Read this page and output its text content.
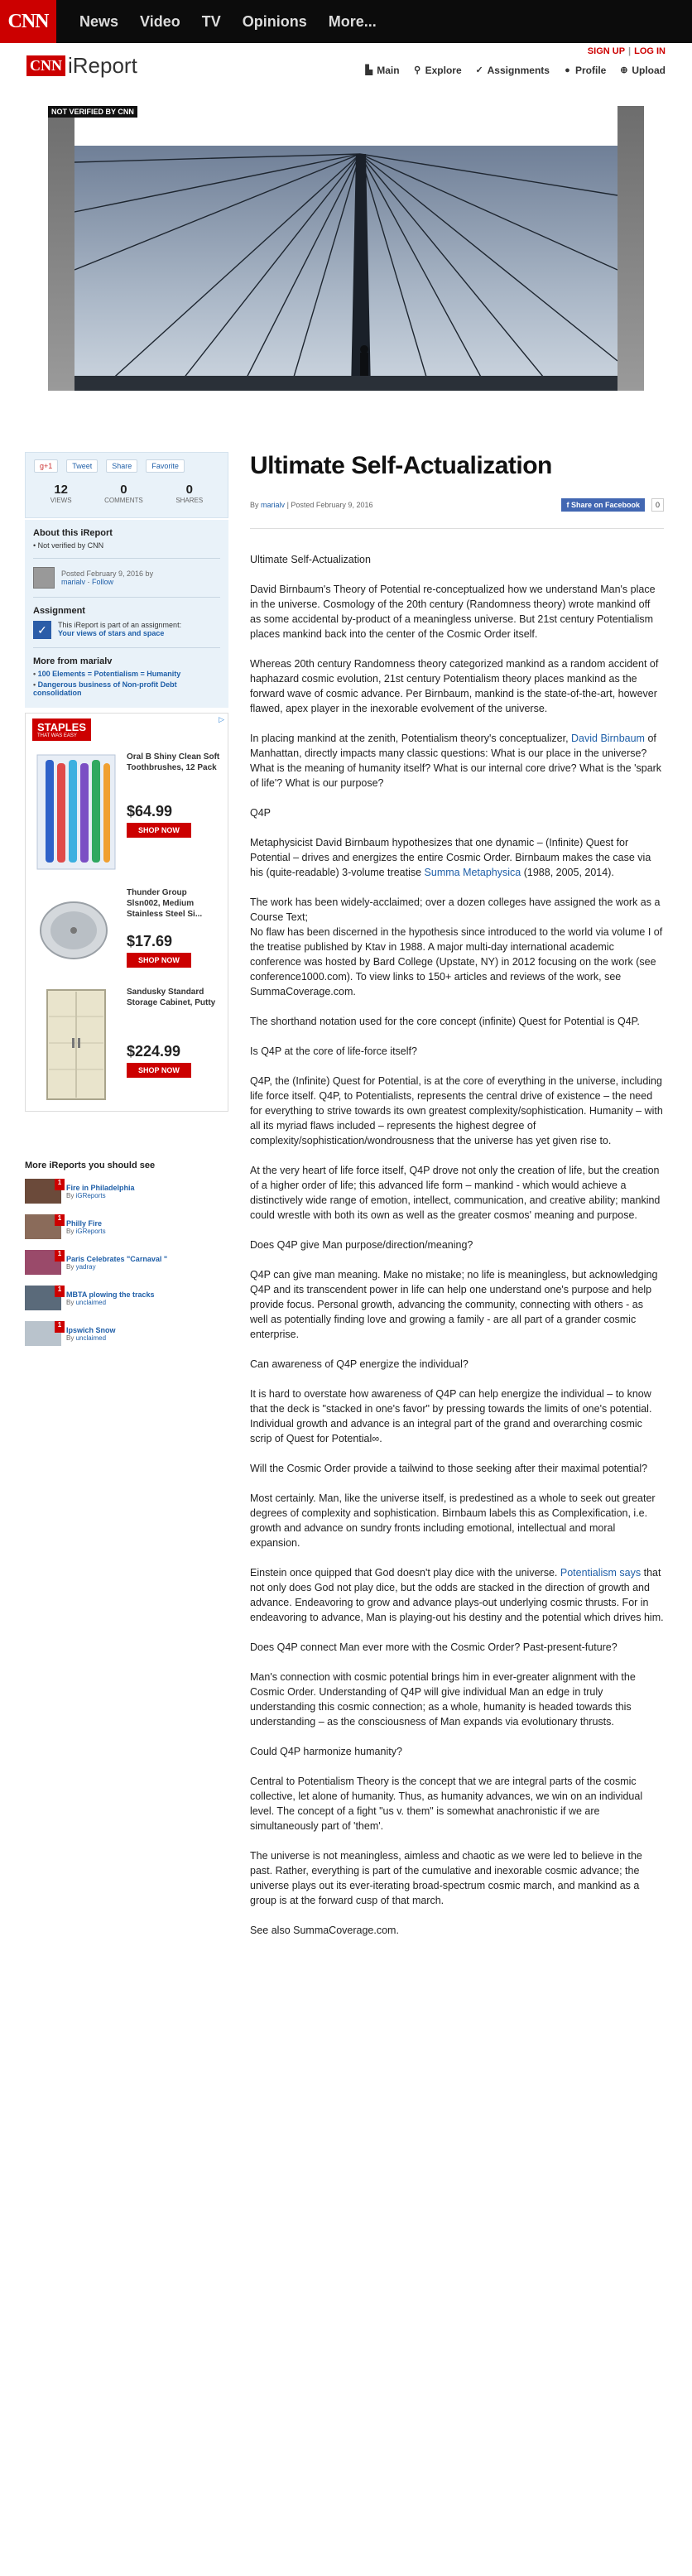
CNN	News Video TV Opinions More...
CNN iReport
SIGN UP | LOG IN
▙ Main ⚲ Explore ✓ Assignments ● Profile ⊕ Upload
NOT VERIFIED BY CNN
g+1	Tweet	Share	Favorite
12
VIEWS
0
COMMENTS
0
SHARES
About this iReport
• Not verified by CNN
Posted February 9, 2016 by
marialv · Follow
Assignment
✓	This iReport is part of an assignment:
Your views of stars and space
More from marialv
• 100 Elements = Potentialism = Humanity
• Dangerous business of Non-profit Debt consolidation
▷
STAPLES
THAT WAS EASY
Oral B Shiny Clean Soft Toothbrushes, 12 Pack
$64.99
SHOP NOW
Thunder Group Slsn002, Medium Stainless Steel Si...
$17.69
SHOP NOW
Sandusky Standard Storage Cabinet, Putty
$224.99
SHOP NOW
More iReports you should see
1
Fire in Philadelphia
By iGReports
1
Philly Fire
By iGReports
1
Paris Celebrates "Carnaval "
By yadray
1
MBTA plowing the tracks
By unclaimed
1
Ipswich Snow
By unclaimed
Ultimate Self-Actualization
By marialv | Posted February 9, 2016	f Share on Facebook	0

Ultimate Self-Actualization

David Birnbaum's Theory of Potential re-conceptualized how we understand Man's place in the universe. Cosmology of the 20th century (Randomness theory) wrote mankind off as some accidental by-product of a meaningless universe. But 21st century Potentialism places mankind back into the center of the Cosmic Order itself.

Whereas 20th century Randomness theory categorized mankind as a random accident of haphazard cosmic evolution, 21st century Potentialism theory places mankind as the forward wave of cosmic advance. Per Birnbaum, mankind is the state-of-the-art, however flawed, apex player in the inexorable evolvement of the universe.

In placing mankind at the zenith, Potentialism theory's conceptualizer, David Birnbaum of Manhattan, directly impacts many classic questions: What is our place in the universe? What is the meaning of humanity itself? What is our internal core drive? What is the 'spark of life'? What is our purpose?

Q4P

Metaphysicist David Birnbaum hypothesizes that one dynamic – (Infinite) Quest for Potential – drives and energizes the entire Cosmic Order. Birnbaum makes the case via his (quite-readable) 3-volume treatise Summa Metaphysica (1988, 2005, 2014).

The work has been widely-acclaimed; over a dozen colleges have assigned the work as a Course Text;
No flaw has been discerned in the hypothesis since introduced to the world via volume I of the treatise published by Ktav in 1988. A major multi-day international academic conference was hosted by Bard College (Upstate, NY) in 2012 focusing on the work (see conference1000.com). To view links to 150+ articles and reviews of the work, see SummaCoverage.com.

The shorthand notation used for the core concept (infinite) Quest for Potential is Q4P.

Is Q4P at the core of life-force itself?

Q4P, the (Infinite) Quest for Potential, is at the core of everything in the universe, including life force itself. Q4P, to Potentialists, represents the central drive of existence – the need for everything to strive towards its own greatest complexity/sophistication. Humanity – with all its myriad flaws included – represents the highest degree of complexity/sophistication/wondrousness that the universe has yet given rise to.

At the very heart of life force itself, Q4P drove not only the creation of life, but the creation of a higher order of life; this advanced life form – mankind - which would achieve a distinctively wide range of emotion, intellect, communication, and creative ability; mankind could wrestle with both its own as well as the greater cosmos' meaning and purpose.

Does Q4P give Man purpose/direction/meaning?

Q4P can give man meaning. Make no mistake; no life is meaningless, but acknowledging Q4P and its transcendent power in life can help one understand one's purpose and help provide focus. Personal growth, advancing the community, connecting with others - as well as potentially finding love and growing a family - are all part of a grander cosmic enterprise.

Can awareness of Q4P energize the individual?

It is hard to overstate how awareness of Q4P can help energize the individual – to know that the deck is "stacked in one's favor" by pressing towards the limits of one's potential. Individual growth and advance is an integral part of the grand and overarching cosmic scrip of Quest for Potential∞.

Will the Cosmic Order provide a tailwind to those seeking after their maximal potential?

Most certainly. Man, like the universe itself, is predestined as a whole to seek out greater degrees of complexity and sophistication. Birnbaum labels this as Complexification, i.e. growth and advance on sundry fronts including emotional, intellectual and moral expansion.

Einstein once quipped that God doesn't play dice with the universe. Potentialism says that not only does God not play dice, but the odds are stacked in the direction of growth and advance. Endeavoring to grow and advance plays-out underlying cosmic thrusts. For in endeavoring to advance, Man is playing-out his destiny and the potential which drives him.

Does Q4P connect Man ever more with the Cosmic Order? Past-present-future?

Man's connection with cosmic potential brings him in ever-greater alignment with the Cosmic Order. Understanding of Q4P will give individual Man an edge in truly understanding this cosmic connection; as a whole, humanity is headed towards this understanding – as the consciousness of Man expands via evolutionary thrusts.

Could Q4P harmonize humanity?

Central to Potentialism Theory is the concept that we are integral parts of the cosmic collective, let alone of humanity. Thus, as humanity advances, we win on an individual level. The concept of a fight "us v. them" is somewhat anachronistic if we are simultaneously part of 'them'.

The universe is not meaningless, aimless and chaotic as we were led to believe in the past. Rather, everything is part of the cumulative and inexorable cosmic advance; the universe plays out its ever-iterating broad-spectrum cosmic march, and mankind as a group is at the forward cusp of that march.

See also SummaCoverage.com.
